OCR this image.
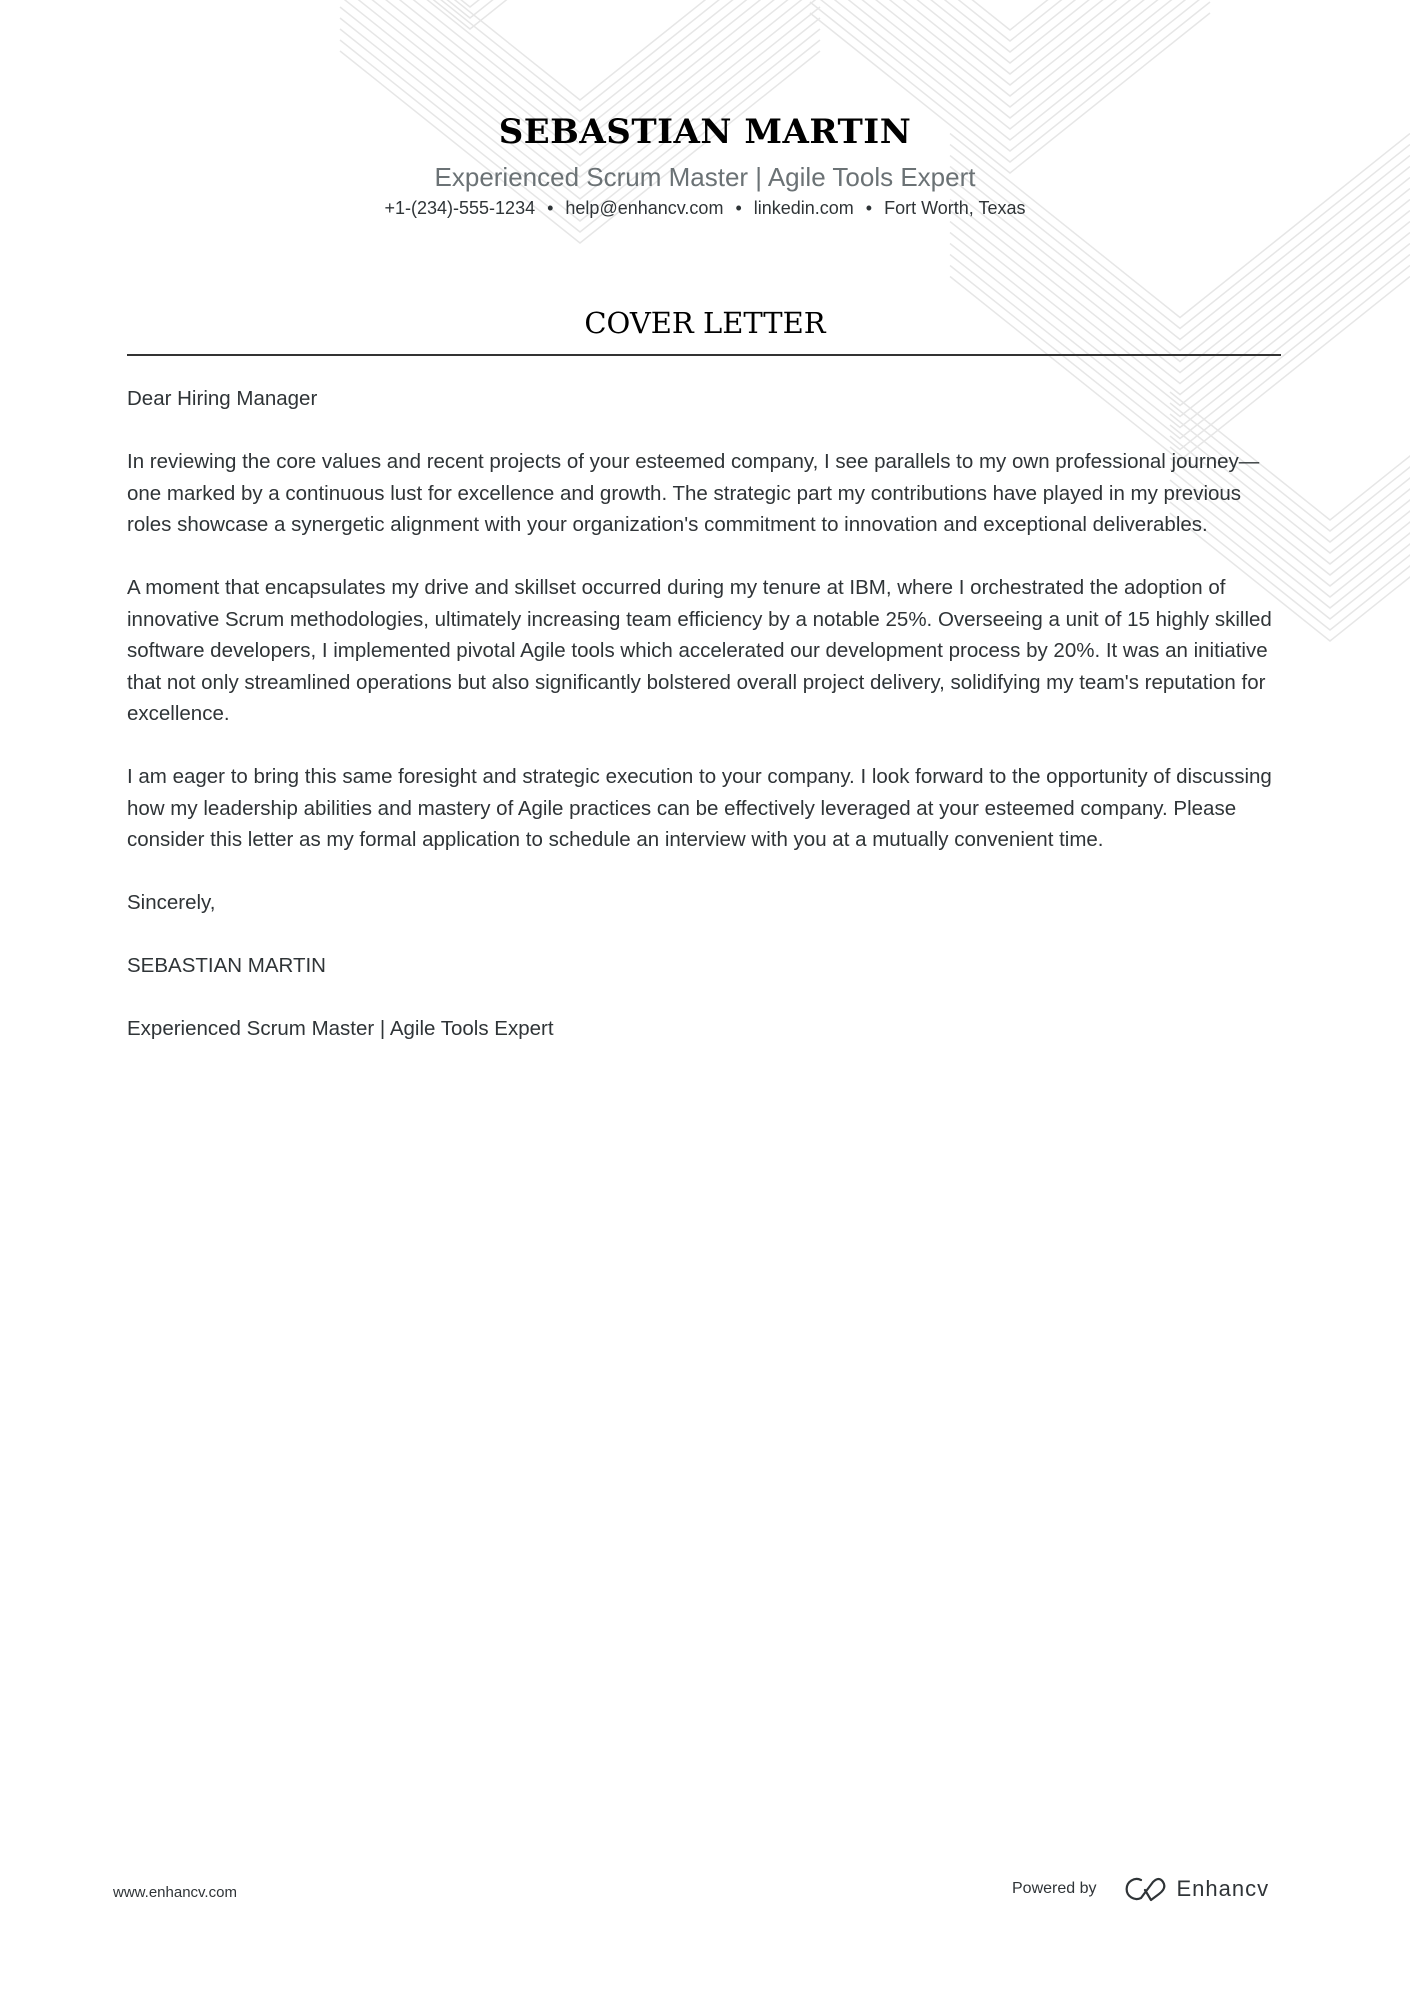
SEBASTIAN MARTIN
Experienced Scrum Master | Agile Tools Expert
+1-(234)-555-1234 • help@enhancv.com • linkedin.com • Fort Worth, Texas
COVER LETTER

Dear Hiring Manager

In reviewing the core values and recent projects of your esteemed company, I see parallels to my own professional journey—one marked by a continuous lust for excellence and growth. The strategic part my contributions have played in my previous roles showcase a synergetic alignment with your organization's commitment to innovation and exceptional deliverables.

A moment that encapsulates my drive and skillset occurred during my tenure at IBM, where I orchestrated the adoption of innovative Scrum methodologies, ultimately increasing team efficiency by a notable 25%. Overseeing a unit of 15 highly skilled software developers, I implemented pivotal Agile tools which accelerated our development process by 20%. It was an initiative that not only streamlined operations but also significantly bolstered overall project delivery, solidifying my team's reputation for excellence.

I am eager to bring this same foresight and strategic execution to your company. I look forward to the opportunity of discussing how my leadership abilities and mastery of Agile practices can be effectively leveraged at your esteemed company. Please consider this letter as my formal application to schedule an interview with you at a mutually convenient time.

Sincerely,

SEBASTIAN MARTIN

Experienced Scrum Master | Agile Tools Expert

www.enhancv.com	Powered by	Enhancv
